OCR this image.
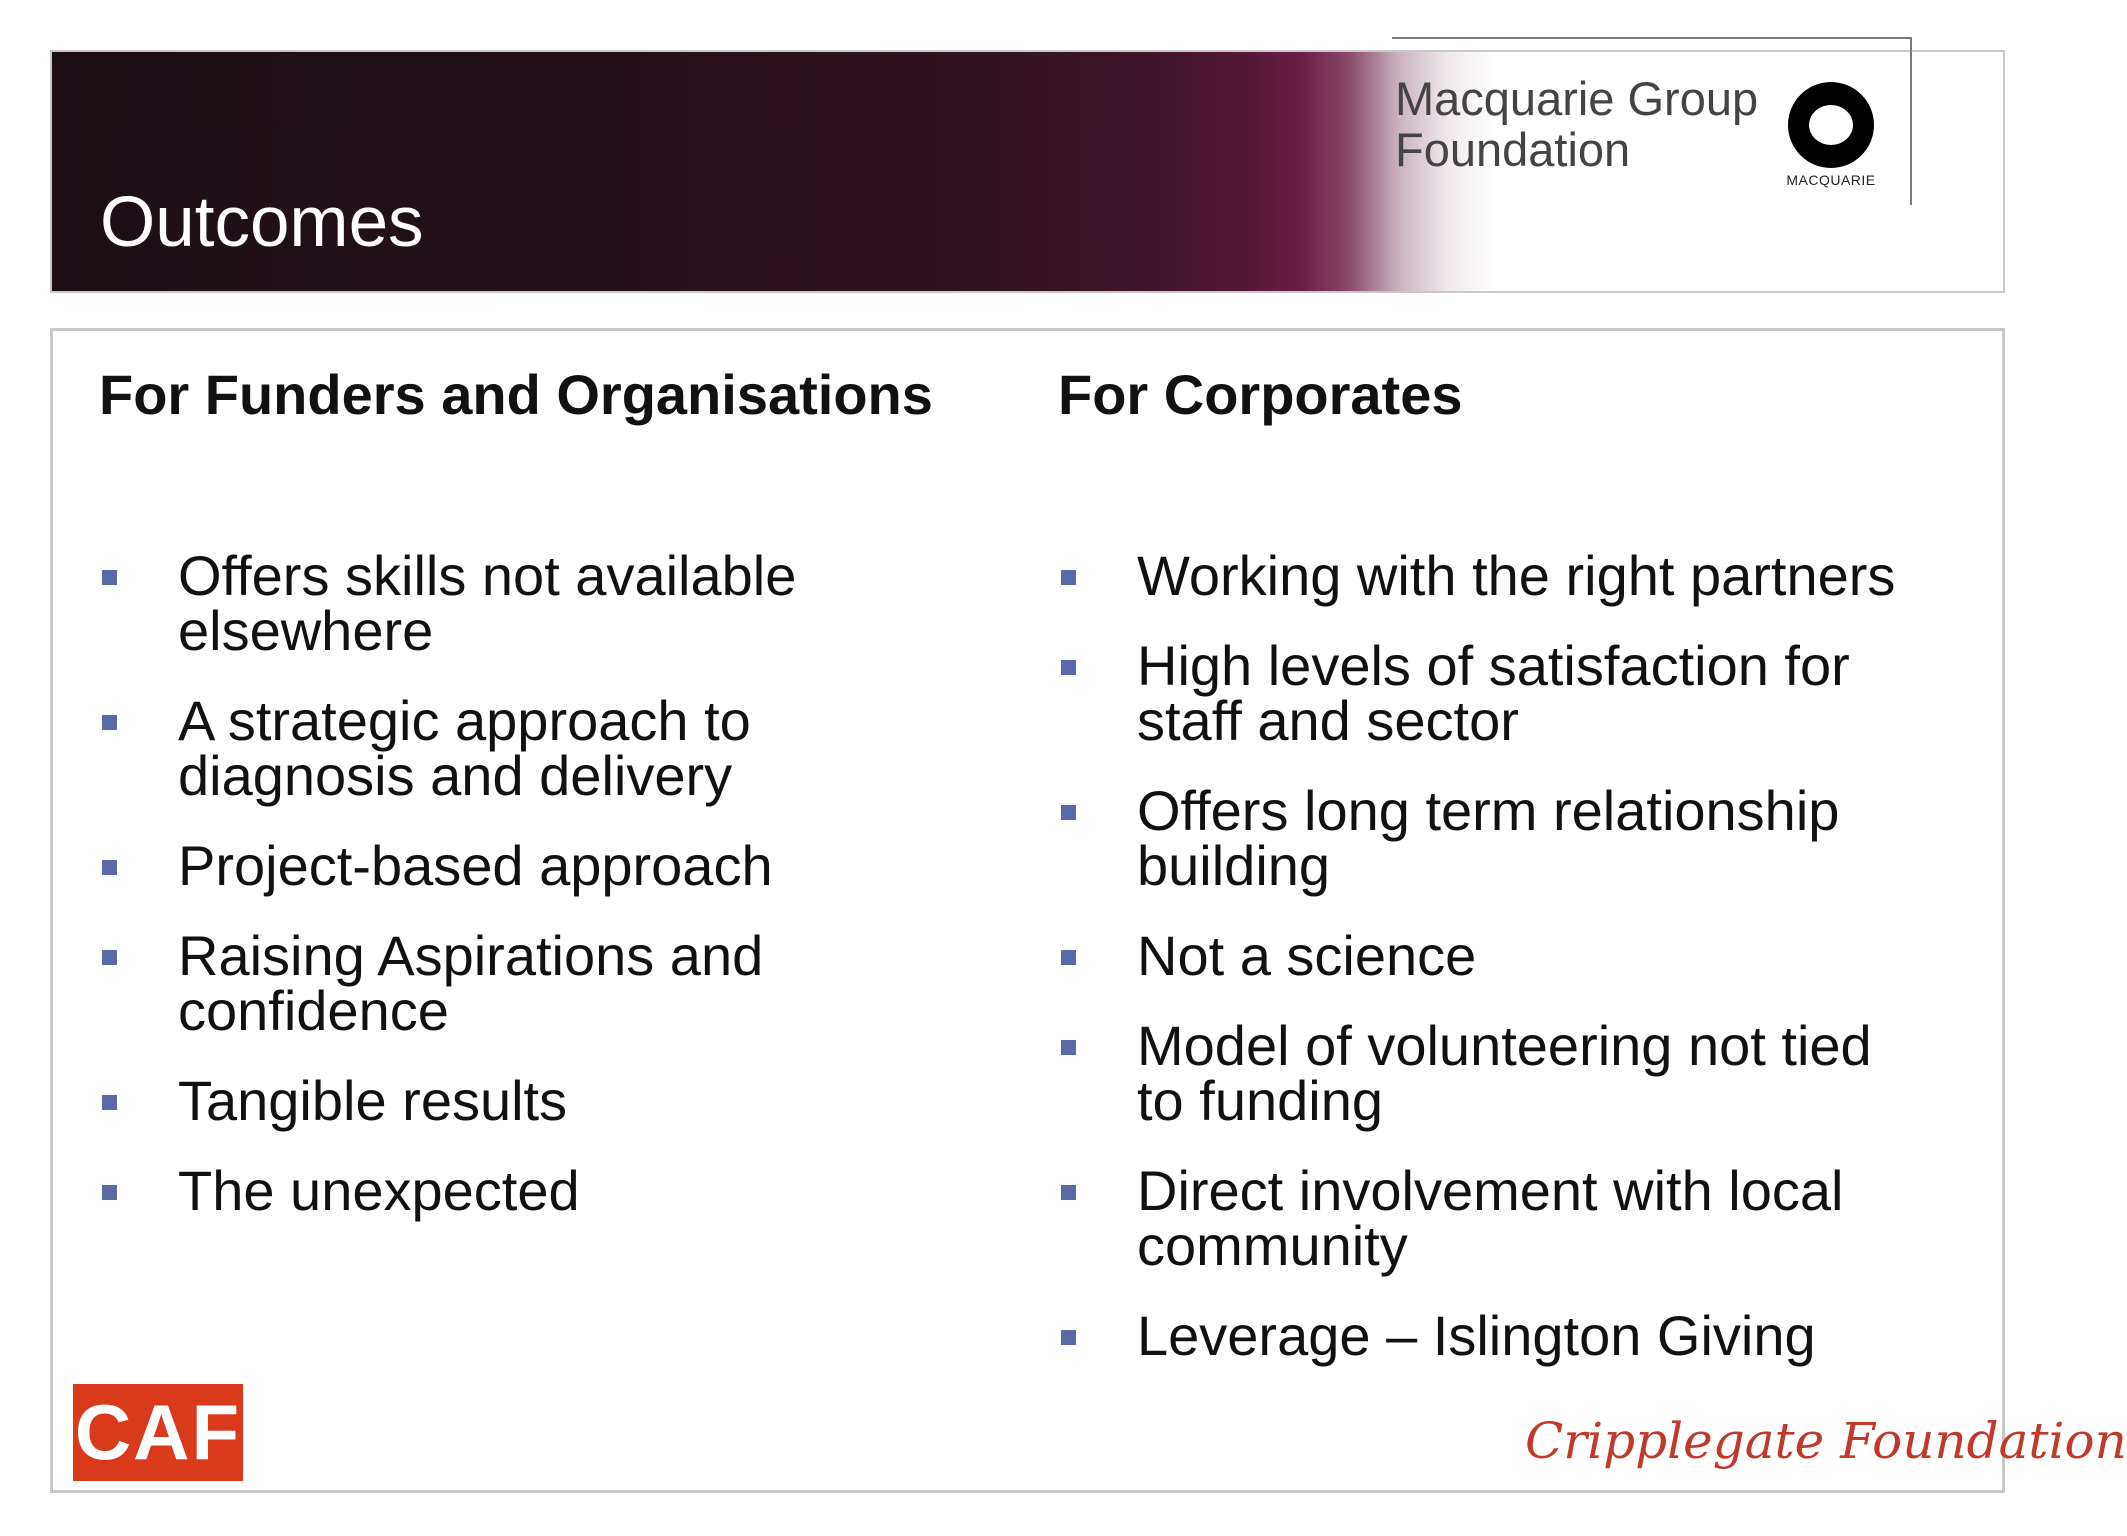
Outcomes
Macquarie Group
Foundation
MACQUARIE
For Funders and Organisations For Corporates
Offers skills not available
elsewhere
A strategic approach to
diagnosis and delivery
Project-based approach
Raising Aspirations and
confidence
Tangible results
The unexpected
Working with the right partners
High levels of satisfaction for
staff and sector
Offers long term relationship
building
Not a science
Model of volunteering not tied
to funding
Direct involvement with local
community
Leverage – Islington Giving
CAF	Cripplegate Foundation
